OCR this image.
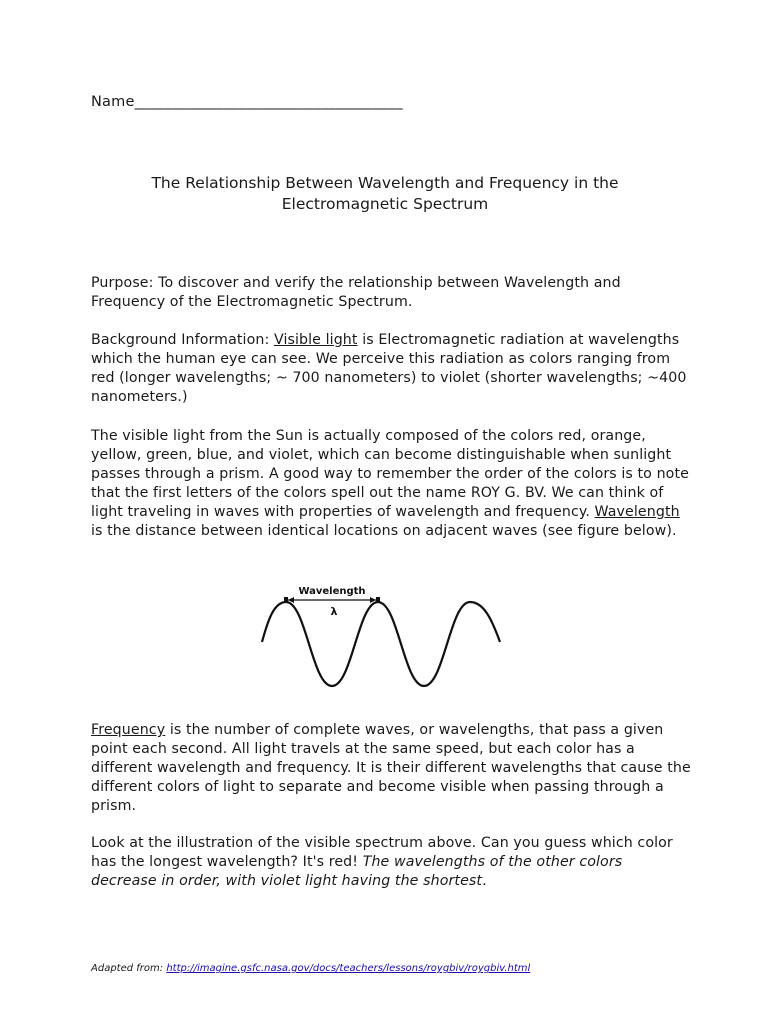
Name____________________________________
The Relationship Between Wavelength and Frequency in the
Electromagnetic Spectrum
Purpose: To discover and verify the relationship between Wavelength and Frequency of the Electromagnetic Spectrum.
Background Information: Visible light is Electromagnetic radiation at wavelengths which the human eye can see. We perceive this radiation as colors ranging from red (longer wavelengths; ~ 700 nanometers) to violet (shorter wavelengths; ~400 nanometers.)
The visible light from the Sun is actually composed of the colors red, orange, yellow, green, blue, and violet, which can become distinguishable when sunlight passes through a prism. A good way to remember the order of the colors is to note that the first letters of the colors spell out the name ROY G. BV. We can think of light traveling in waves with properties of wavelength and frequency. Wavelength is the distance between identical locations on adjacent waves (see figure below).
Wavelength
λ
Frequency is the number of complete waves, or wavelengths, that pass a given point each second. All light travels at the same speed, but each color has a different wavelength and frequency. It is their different wavelengths that cause the different colors of light to separate and become visible when passing through a prism.
Look at the illustration of the visible spectrum above. Can you guess which color has the longest wavelength? It's red! The wavelengths of the other colors decrease in order, with violet light having the shortest.
Adapted from: http://imagine.gsfc.nasa.gov/docs/teachers/lessons/roygbiv/roygbiv.html
